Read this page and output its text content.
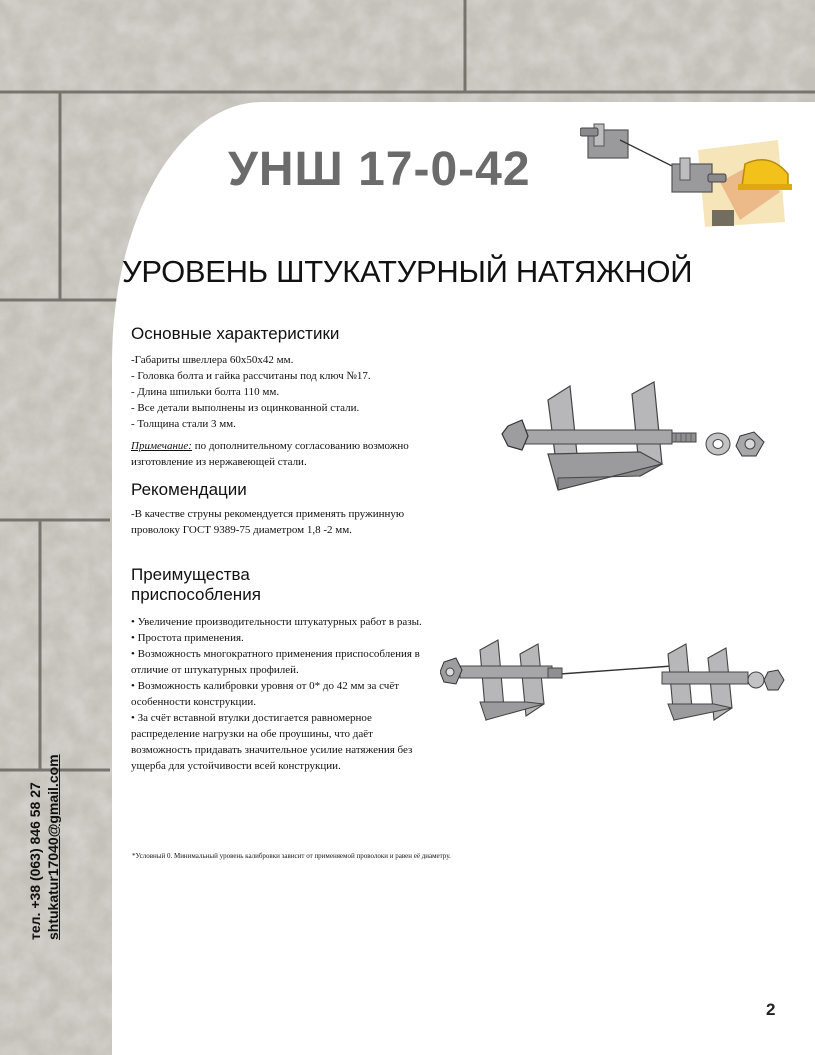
УНШ 17-0-42
УРОВЕНЬ ШТУКАТУРНЫЙ НАТЯЖНОЙ
Основные характеристики

-Габариты швеллера 60х50х42 мм.

- Головка болта и гайка рассчитаны под ключ №17.

- Длина шпильки болта 110 мм.

- Все детали выполнены из оцинкованной стали.

- Толщина стали 3 мм.

Примечание: по дополнительному согласованию возможно изготовление из нержавеющей стали.

Рекомендации

-В качестве струны рекомендуется применять пружинную проволоку ГОСТ 9389-75 диаметром 1,8 -2 мм.

Преимущества приспособления

• Увеличение производительности штукатурных работ в разы.

• Простота применения.

• Возможность многократного применения приспособления в отличие от штукатурных профилей.

• Возможность калибровки уровня от 0* до 42 мм за счёт особенности конструкции.

• За счёт вставной втулки достигается равномерное распределение нагрузки на обе проушины, что даёт возможность придавать значительное усилие натяжения без ущерба для устойчивости всей конструкции.

*Условный 0. Минимальный уровень калибровки зависит от применяемой проволоки и равен её диаметру.
тел. +38 (063) 846 58 27 shtukatur17040@gmail.com
2
